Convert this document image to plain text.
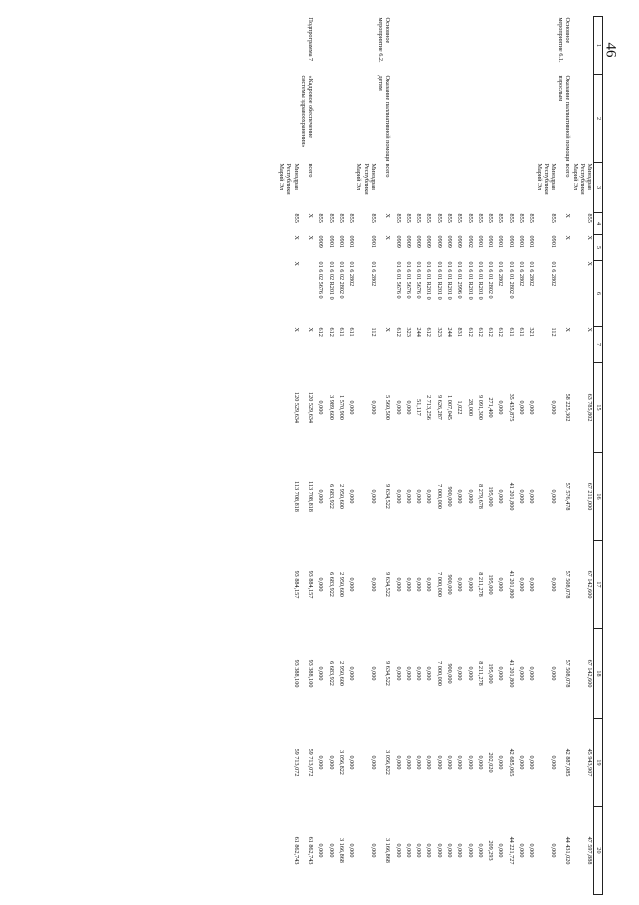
46
1	2	3	4	5	6	7	15	16	17	18	19	20
		Минздрав Республики Марий Эл	855	X	X	X	63 785,802	67 211,000	67 142,600	67 142,600	45 943,907	47 597,888
Основное мероприятие 6.1.	Оказание паллиативной помощи взрослым	всего	X	X		X	58 225,302	57 576,478	57 508,078	57 508,078	42 887,085	44 431,020
		Минздрав Республики Марий Эл	855	0901	01 6 2802	112	0,000	0,000	0,000	0,000	0,000	0,000
			855	0901	01 6 2802	321	0,000	0,000	0,000	0,000	0,000	0,000
			855	0901	01 6 2802	611	0,000	0,000	0,000	0,000	0,000	0,000
			855	0901	01 6 01 2802 0	611	35 435,875	41 201,800	41 201,800	41 201,800	42 685,065	44 221,727
			855	0901	01 6 2802	612	0,000	0,000	0,000	0,000	0,000	0,000
			855	0901	01 6 01 2802 0	612	271,400	195,000	195,000	195,000	202,020	209,293
			855	0901	01 6 01 R201 0	612	9 091,300	8 279,678	8 211,278	8 211,278	0,000	0,000
			855	0902	01 6 01 R201 0	612	28,000	0,000	0,000	0,000	0,000	0,000
			855	0909	01 6 01 2996 0	831	1,022	0,000	0,000	0,000	0,000	0,000
			855	0909	01 6 01 R201 0	244	1 007,045	900,000	900,000	900,000	0,000	0,000
			855	0909	01 6 01 R201 0	323	9 626,287	7 000,000	7 000,000	7 000,000	0,000	0,000
			855	0909	01 6 01 R201 0	612	2 713,256	0,000	0,000	0,000	0,000	0,000
			855	0909	01 6 01 5676 0	244	51,117	0,000	0,000	0,000	0,000	0,000
			855	0909	01 6 01 5676 0	323	0,000	0,000	0,000	0,000	0,000	0,000
			855	0909	01 6 01 5676 0	612	0,000	0,000	0,000	0,000	0,000	0,000
Основное мероприятие 6.2.	Оказание паллиативной помощи детям	всего	X	X		X	5 560,500	9 634,522	9 634,522	9 634,522	3 056,822	3 166,868
		Минздрав Республики Марий Эл	855	0901	01 6 2802	112	0,000	0,000	0,000	0,000	0,000	0,000
			855	0901	01 6 2802	611	0,000	0,000	0,000	0,000	0,000	0,000
			855	0901	01 6 02 2802 0	611	1 570,900	2 950,600	2 950,600	2 950,600	3 056,822	3 166,868
			855	0901	01 6 02 R201 0	612	3 989,600	6 683,922	6 683,922	6 683,922	0,000	0,000
			855	0909	01 6 02 5676 0	612	0,000	0,000	0,000	0,000	0,000	0,000
Подпрограмма 7	«Кадровое обеспечение системы здравоохранения»	всего	X	X		X	120 529,634	113 708,818	93 884,157	93 388,100	59 713,072	61 862,743
		Минздрав Республики Марий Эл	855	X	X	X	120 529,634	113 708,818	93 884,157	93 388,100	59 713,072	61 862,743
